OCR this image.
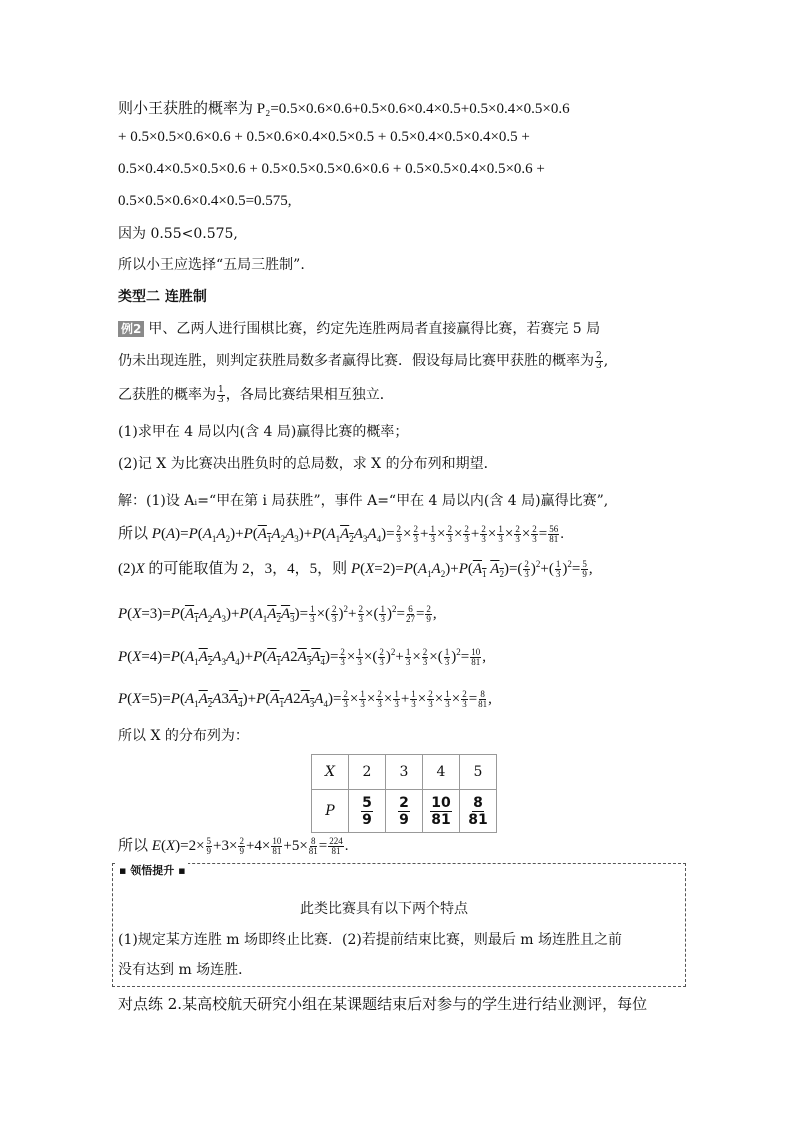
则小王获胜的概率为 P₂=0.5×0.6×0.6+0.5×0.6×0.4×0.5+0.5×0.4×0.5×0.6
+ 0.5×0.5×0.6×0.6 + 0.5×0.6×0.4×0.5×0.5 + 0.5×0.4×0.5×0.4×0.5 +
0.5×0.4×0.5×0.5×0.6 + 0.5×0.5×0.5×0.6×0.6 + 0.5×0.5×0.4×0.5×0.6 +
0.5×0.5×0.6×0.4×0.5=0.575,
因为 0.55<0.575,
所以小王应选择“五局三胜制”.
类型二 连胜制
例2 甲、乙两人进行围棋比赛，约定先连胜两局者直接赢得比赛，若赛完 5 局
仍未出现连胜，则判定获胜局数多者赢得比赛．假设每局比赛甲获胜的概率为 $\frac{2}{3}$ ,
乙获胜的概率为 $\frac{1}{3}$ ，各局比赛结果相互独立．
(1)求甲在 4 局以内(含 4 局)赢得比赛的概率；
(2)记 X 为比赛决出胜负时的总局数，求 X 的分布列和期望．
解：(1)设 Aᵢ=“甲在第 i 局获胜”，事件 A=“甲在 4 局以内(含 4 局)赢得比赛”,
所以 $P(A)=P(A_1A_2)+P(A_1A_2A_3)+P(A_1A_2A_3A_4)= \frac{2}{3} \times \frac{2}{3} + \frac{1}{3} \times \frac{2}{3} \times \frac{2}{3} + \frac{2}{3} \times \frac{1}{3} \times \frac{2}{3} \times \frac{2}{3} = \frac{56}{81}$ .
(2)X 的可能取值为 2，3，4，5，则 $P(X=2)=P(A_1A_2)+P(A_1$ $A_2)=( \frac{2}{3} )^2+( \frac{1}{3} )^2= \frac{5}{9}$ ,
$P(X=3)=P(A_1A_2A_3)+P(A_1A_2A_3)= \frac{1}{3}$ ×( $\frac{2}{3} )^2+ \frac{2}{3}$ ×( $\frac{1}{3} )^2= \frac{6}{27} = \frac{2}{9}$ ,
$P(X=4)=P(A_1A_2A_3A_4)+P(A_1A2A_3A_4)= \frac{2}{3} \times \frac{1}{3}$ ×( $\frac{2}{3} )^2+ \frac{1}{3} \times \frac{2}{3}$ ×( $\frac{1}{3} )^2= \frac{10}{81}$ ,
$P(X=5)=P(A_1A_2A3A_4)+P(A_1A2A_3A_4)= \frac{2}{3} \times \frac{1}{3} \times \frac{2}{3} \times \frac{1}{3} + \frac{1}{3} \times \frac{2}{3} \times \frac{1}{3} \times \frac{2}{3} = \frac{8}{81}$ ,
所以 X 的分布列为：
X	2	3	4	5
P	$\frac{5}{9}$	$\frac{2}{9}$	$\frac{10}{81}$	$\frac{8}{81}$
所以 $E(X)=2\times \frac{5}{9} +3\times \frac{2}{9} +4\times \frac{10}{81} +5\times \frac{8}{81} = \frac{224}{81}$ .
▪ 领悟提升 ▪
此类比赛具有以下两个特点
(1)规定某方连胜 m 场即终止比赛．(2)若提前结束比赛，则最后 m 场连胜且之前
没有达到 m 场连胜．
对点练 2.某高校航天研究小组在某课题结束后对参与的学生进行结业测评，每位
